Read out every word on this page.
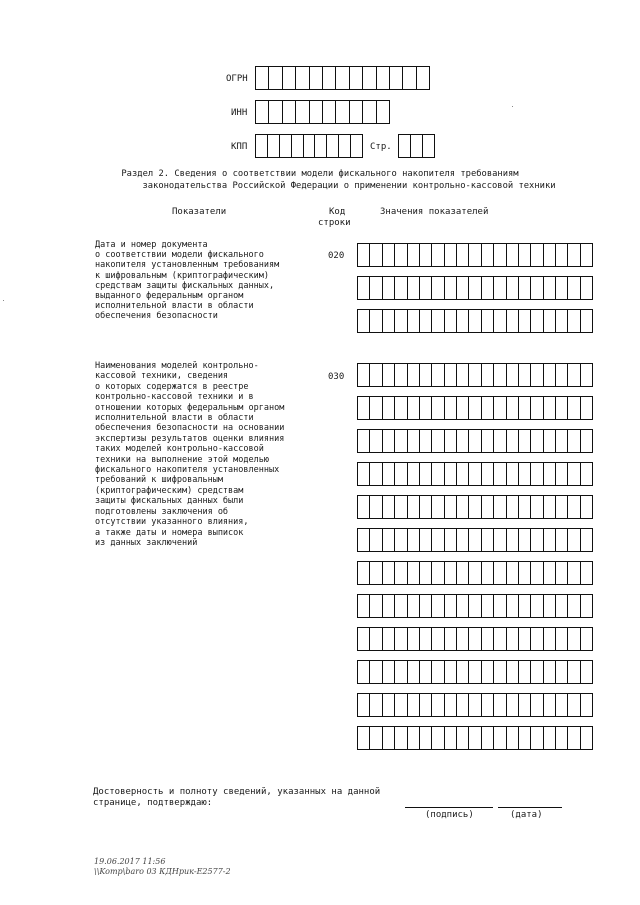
ОГРН
ИНН
КПП	Стр.
Раздел 2. Сведения о соответствии модели фискального накопителя требованиям
законодательства Российской Федерации о применении контрольно-кассовой техники
Показатели	Код
строки
Значения показателей
Дата и номер документа
о соответствии модели фискального
накопителя установленным требованиям
к шифровальным (криптографическим)
средствам защиты фискальных данных,
выданного федеральным органом
исполнительной власти в области
обеспечения безопасности
020
Наименования моделей контрольно-
кассовой техники, сведения
о которых содержатся в реестре
контрольно-кассовой техники и в
отношении которых федеральным органом
исполнительной власти в области
обеспечения безопасности на основании
экспертизы результатов оценки влияния
таких моделей контрольно-кассовой
техники на выполнение этой моделью
фискального накопителя установленных
требований к шифровальным
(криптографическим) средствам
защиты фискальных данных были
подготовлены заключения об
отсутствии указанного влияния,
а также даты и номера выписок
из данных заключений
030
Достоверность и полноту сведений, указанных на данной
странице, подтверждаю:
(подпись)	(дата)
19.06.2017 11:56
\\Komp\baro 03 КДНрик-Е2577-2
